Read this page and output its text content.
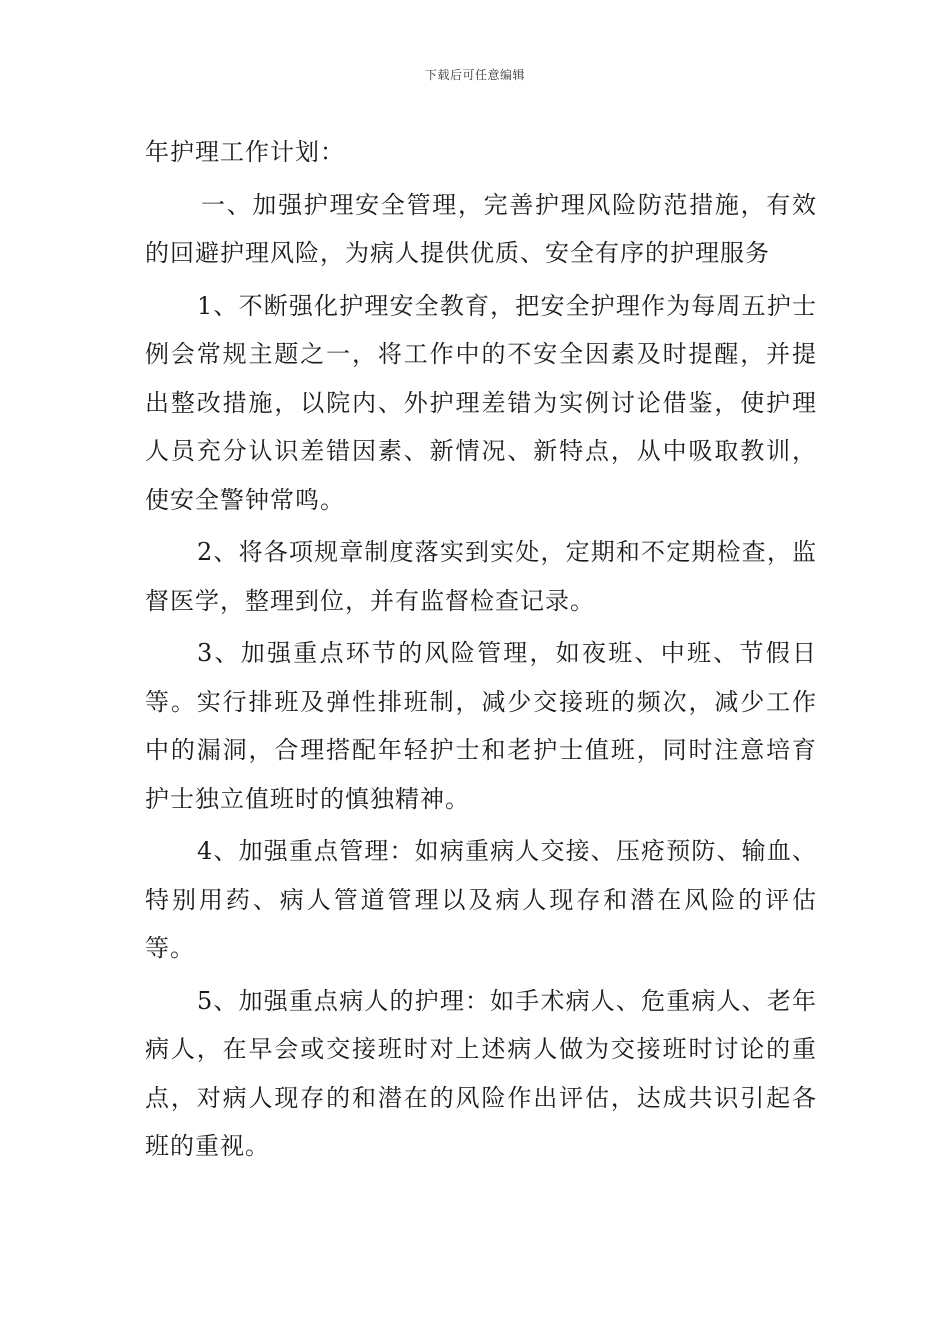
下载后可任意编辑

年护理工作计划：

一、加强护理安全管理，完善护理风险防范措施，有效的回避护理风险，为病人提供优质、安全有序的护理服务

1、不断强化护理安全教育，把安全护理作为每周五护士例会常规主题之一，将工作中的不安全因素及时提醒，并提出整改措施，以院内、外护理差错为实例讨论借鉴，使护理人员充分认识差错因素、新情况、新特点，从中吸取教训，使安全警钟常鸣。

2、将各项规章制度落实到实处，定期和不定期检查，监督医学，整理到位，并有监督检查记录。

3、加强重点环节的风险管理，如夜班、中班、节假日等。实行排班及弹性排班制，减少交接班的频次，减少工作中的漏洞，合理搭配年轻护士和老护士值班，同时注意培育护士独立值班时的慎独精神。

4、加强重点管理：如病重病人交接、压疮预防、输血、特别用药、病人管道管理以及病人现存和潜在风险的评估等。

5、加强重点病人的护理：如手术病人、危重病人、老年病人，在早会或交接班时对上述病人做为交接班时讨论的重点，对病人现存的和潜在的风险作出评估，达成共识引起各班的重视。
